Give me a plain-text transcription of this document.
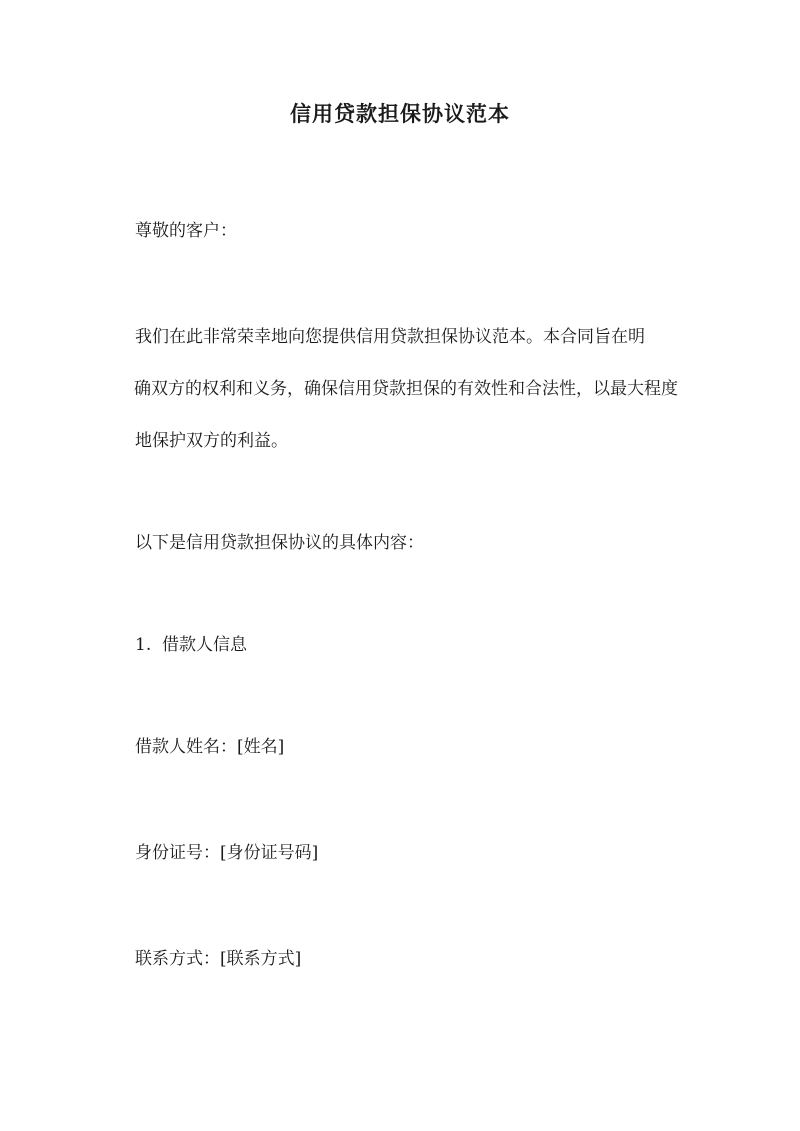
信用贷款担保协议范本

尊敬的客户：

我们在此非常荣幸地向您提供信用贷款担保协议范本。本合同旨在明
确双方的权利和义务，确保信用贷款担保的有效性和合法性，以最大程度
地保护双方的利益。

以下是信用贷款担保协议的具体内容：

1.  借款人信息

借款人姓名：[姓名]

身份证号：[身份证号码]

联系方式：[联系方式]
